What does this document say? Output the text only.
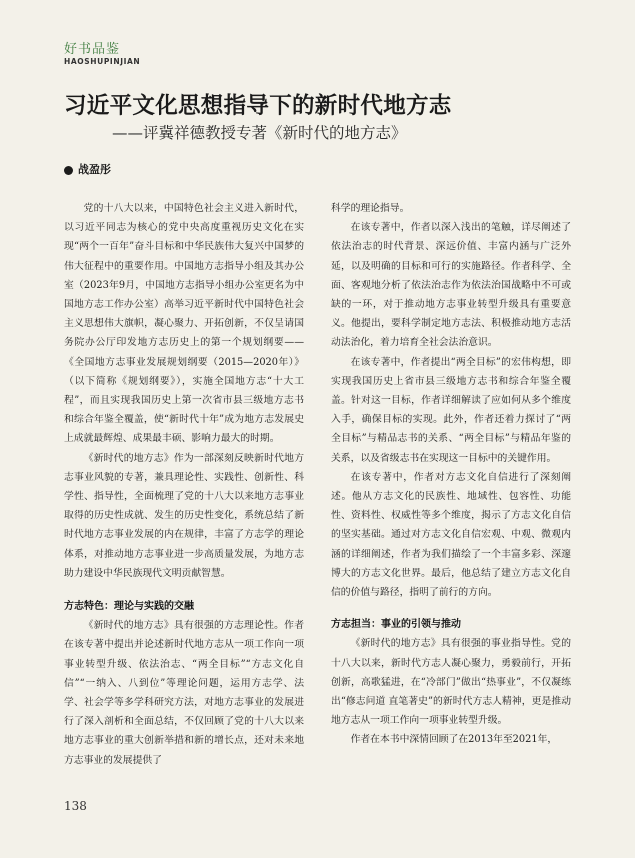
好书品鉴
HAOSHUPINJIAN
习近平文化思想指导下的新时代地方志
——评冀祥德教授专著《新时代的地方志》
战盈彤

党的十八大以来，中国特色社会主义进入新时代，以习近平同志为核心的党中央高度重视历史文化在实现“两个一百年”奋斗目标和中华民族伟大复兴中国梦的伟大征程中的重要作用。中国地方志指导小组及其办公室（2023年9月，中国地方志指导小组办公室更名为中国地方志工作办公室）高举习近平新时代中国特色社会主义思想伟大旗帜，凝心聚力、开拓创新，不仅呈请国务院办公厅印发地方志历史上的第一个规划纲要——《全国地方志事业发展规划纲要（2015—2020年）》（以下简称《规划纲要》），实施全国地方志“十大工程”，而且实现我国历史上第一次省市县三级地方志书和综合年鉴全覆盖，使“新时代十年”成为地方志发展史上成就最辉煌、成果最丰硕、影响力最大的时期。

《新时代的地方志》作为一部深刻反映新时代地方志事业风貌的专著，兼具理论性、实践性、创新性、科学性、指导性，全面梳理了党的十八大以来地方志事业取得的历史性成就、发生的历史性变化，系统总结了新时代地方志事业发展的内在规律，丰富了方志学的理论体系，对推动地方志事业进一步高质量发展，为地方志助力建设中华民族现代文明贡献智慧。

方志特色：理论与实践的交融

《新时代的地方志》具有很强的方志理论性。作者在该专著中提出并论述新时代地方志从一项工作向一项事业转型升级、依法治志、“两全目标”“方志文化自信”“一纳入、八到位”等理论问题，运用方志学、法学、社会学等多学科研究方法，对地方志事业的发展进行了深入剖析和全面总结，不仅回顾了党的十八大以来地方志事业的重大创新举措和新的增长点，还对未来地方志事业的发展提供了

科学的理论指导。

在该专著中，作者以深入浅出的笔触，详尽阐述了依法治志的时代背景、深远价值、丰富内涵与广泛外延，以及明确的目标和可行的实施路径。作者科学、全面、客观地分析了依法治志作为依法治国战略中不可或缺的一环，对于推动地方志事业转型升级具有重要意义。他提出，要科学制定地方志法、积极推动地方志活动法治化，着力培育全社会法治意识。

在该专著中，作者提出“两全目标”的宏伟构想，即实现我国历史上省市县三级地方志书和综合年鉴全覆盖。针对这一目标，作者详细解读了应如何从多个维度入手，确保目标的实现。此外，作者还着力探讨了“两全目标”与精品志书的关系、“两全目标”与精品年鉴的关系，以及省级志书在实现这一目标中的关键作用。

在该专著中，作者对方志文化自信进行了深刻阐述。他从方志文化的民族性、地域性、包容性、功能性、资料性、权威性等多个维度，揭示了方志文化自信的坚实基础。通过对方志文化自信宏观、中观、微观内涵的详细阐述，作者为我们描绘了一个丰富多彩、深邃博大的方志文化世界。最后，他总结了建立方志文化自信的价值与路径，指明了前行的方向。

方志担当：事业的引领与推动

《新时代的地方志》具有很强的事业指导性。党的十八大以来，新时代方志人凝心聚力，勇毅前行，开拓创新，高歌猛进，在“冷部门”做出“热事业”，不仅凝练出“修志问道 直笔著史”的新时代方志人精神，更是推动地方志从一项工作向一项事业转型升级。

作者在本书中深情回顾了在2013年至2021年，

138
